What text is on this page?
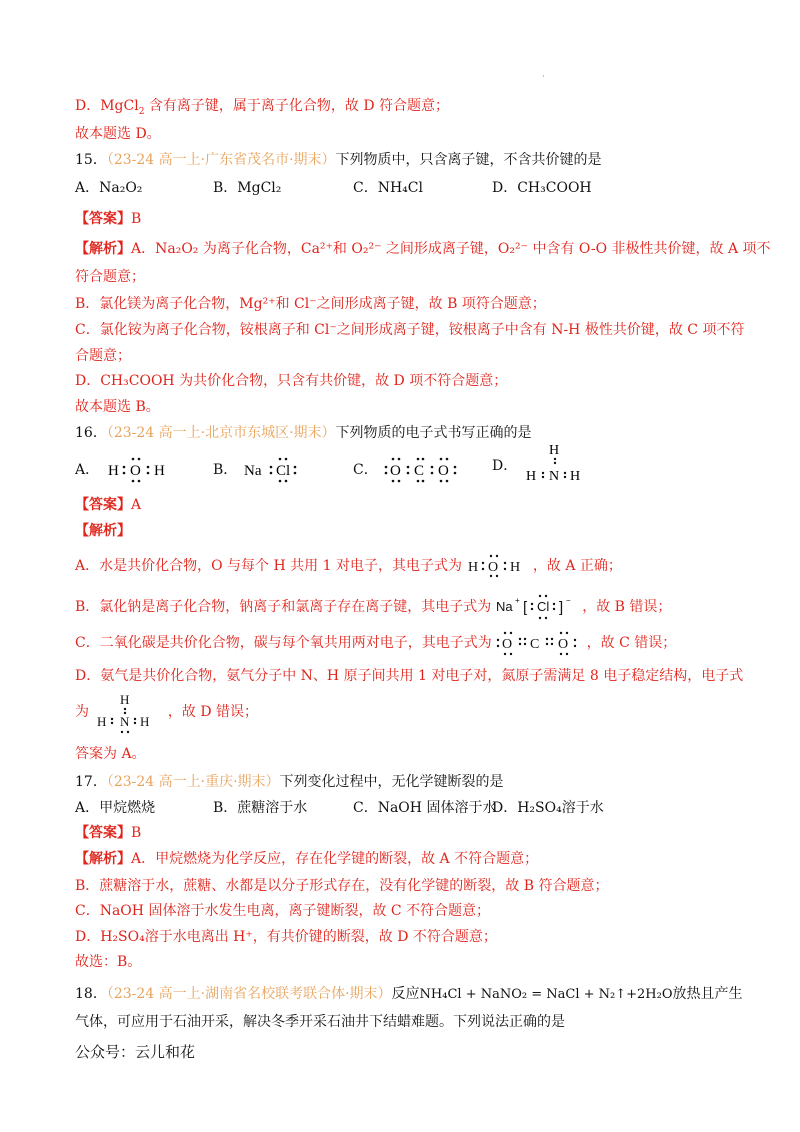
·
D．MgCl$_2$ 含有离子键，属于离子化合物，故 D 符合题意；
故本题选 D。
15．（23-24 高一上·广东省茂名市·期末）下列物质中，只含离子键，不含共价键的是
A．Na₂O₂	B．MgCl₂	C．NH₄Cl	D．CH₃COOH
【答案】B
【解析】A．Na₂O₂ 为离子化合物，Ca²⁺和 O₂²⁻ 之间形成离子键，O₂²⁻ 中含有 O-O 非极性共价键，故 A 项不
符合题意；
B．氯化镁为离子化合物，Mg²⁺和 Cl⁻之间形成离子键，故 B 项符合题意；
C．氯化铵为离子化合物，铵根离子和 Cl⁻之间形成离子键，铵根离子中含有 N-H 极性共价键，故 C 项不符
合题意；
D．CH₃COOH 为共价化合物，只含有共价键，故 D 项不符合题意；
故本题选 B。
16．（23-24 高一上·北京市东城区·期末）下列物质的电子式书写正确的是
A． H O H	B． Na Cl	C． O C O	D．
H
H N H
【答案】A
【解析】
A．水是共价化合物，O 与每个 H 共用 1 对电子，其电子式为 H O H ，故 A 正确；
B．氯化钠是离子化合物，钠离子和氯离子存在离子键，其电子式为 Na + [ Cl ] − ，故 B 错误；
C．二氧化碳是共价化合物，碳与每个氧共用两对电子，其电子式为 O C O ，故 C 错误；
D．氨气是共价化合物，氨气分子中 N、H 原子间共用 1 对电子对，氮原子需满足 8 电子稳定结构，电子式
为
H
H N H
，故 D 错误；
答案为 A。
17．（23-24 高一上·重庆·期末）下列变化过程中，无化学键断裂的是
A．甲烷燃烧	B．蔗糖溶于水	C．NaOH 固体溶于水
D．H₂SO₄溶于水
【答案】B
【解析】A．甲烷燃烧为化学反应，存在化学键的断裂，故 A 不符合题意；
B．蔗糖溶于水，蔗糖、水都是以分子形式存在，没有化学键的断裂，故 B 符合题意；
C．NaOH 固体溶于水发生电离，离子键断裂，故 C 不符合题意；
D．H₂SO₄溶于水电离出 H⁺，有共价键的断裂，故 D 不符合题意；
故选：B。
18．（23-24 高一上·湖南省名校联考联合体·期末）反应NH₄Cl + NaNO₂ = NaCl + N₂↑+2H₂O放热且产生
气体，可应用于石油开采，解决冬季开采石油井下结蜡难题。下列说法正确的是
公众号：云儿和花
